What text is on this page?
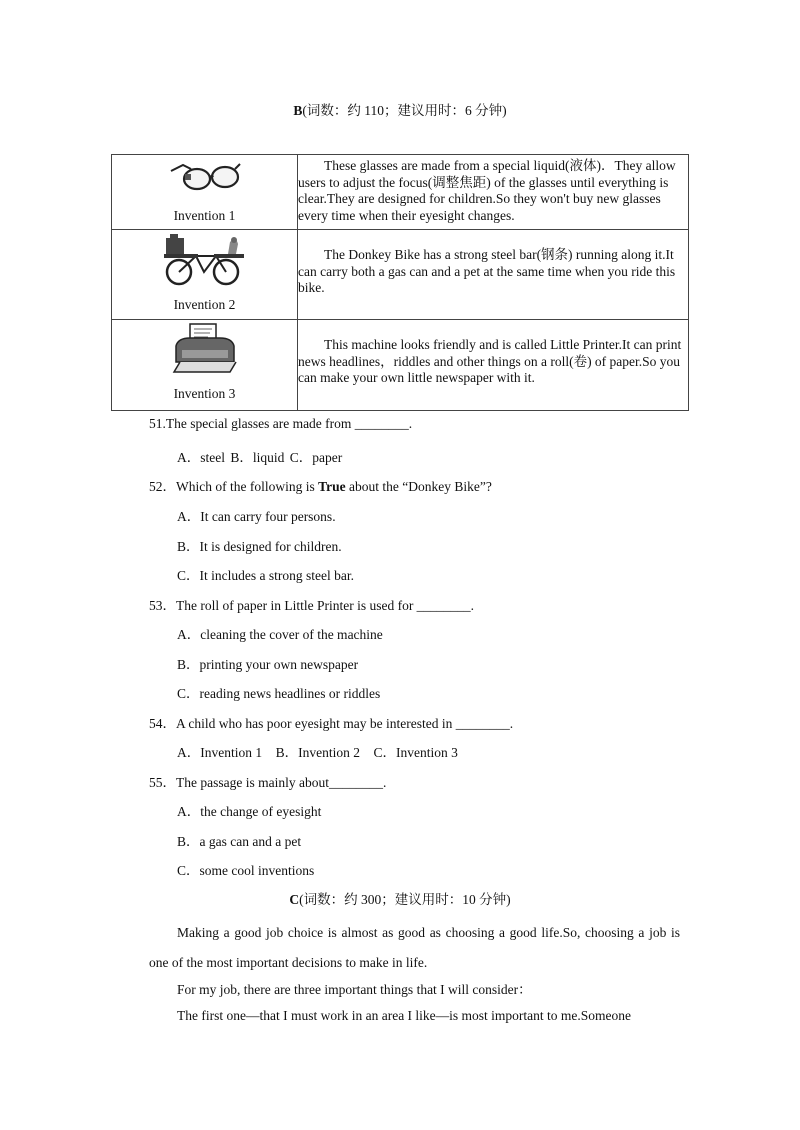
B(词数：约 110；建议用时：6 分钟)
Invention 1	These glasses are made from a special liquid(液体)．They allow users to adjust the focus(调整焦距) of the glasses until everything is clear.They are designed for children.So they won't buy new glasses every time when their eyesight changes.

Invention 2	The Donkey Bike has a strong steel bar(钢条) running along it.It can carry both a gas can and a pet at the same time when you ride this bike.

Invention 3	This machine looks friendly and is called Little Printer.It can print news headlines，riddles and other things on a roll(卷) of paper.So you can make your own little newspaper with it.
51.The special glasses are made from ________.
A．steel B．liquid C．paper
52．Which of the following is True about the “Donkey Bike”?
A．It can carry four persons.
B．It is designed for children.
C．It includes a strong steel bar.
53．The roll of paper in Little Printer is used for ________.
A．cleaning the cover of the machine
B．printing your own newspaper
C．reading news headlines or riddles
54．A child who has poor eyesight may be interested in ________.
A．Invention 1    B．Invention 2    C．Invention 3
55．The passage is mainly about________.
A．the change of eyesight
B．a gas can and a pet
C．some cool inventions
C(词数：约 300；建议用时：10 分钟)
Making a good job choice is almost as good as choosing a good life.So, choosing a job is one of the most important decisions to make in life.
For my job, there are three important things that I will consider：
The first one—that I must work in an area I like—is most important to me.Someone
